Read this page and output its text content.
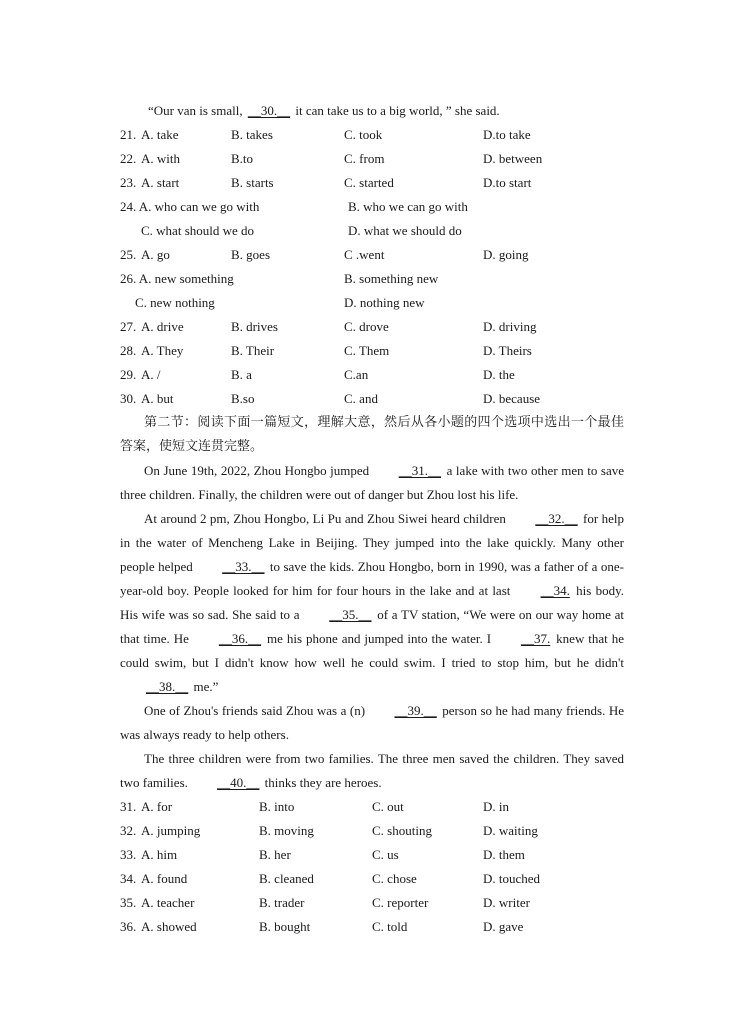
“Our van is small, __30.__ it can take us to a big world, ” she said.
21. A. take	B. takes	C. took	D.to take
22. A. with	B.to	C. from	D. between
23. A. start	B. starts	C. started	D.to start
24. A. who can we go with	B. who we can go with
C. what should we do	D. what we should do
25. A. go	B. goes	C .went	D. going
26. A. new something	B. something new
C. new nothing	D. nothing new
27. A. drive	B. drives	C. drove	D. driving
28. A. They	B. Their	C. Them	D. Theirs
29. A. /	B. a	C.an	D. the
30. A. but	B.so	C. and	D. because

第二节：阅读下面一篇短文，理解大意，然后从各小题的四个选项中选出一个最佳答案，使短文连贯完整。

On June 19th, 2022, Zhou Hongbo jumped __31.__ a lake with two other men to save three children. Finally, the children were out of danger but Zhou lost his life.

At around 2 pm, Zhou Hongbo, Li Pu and Zhou Siwei heard children __32.__ for help in the water of Mencheng Lake in Beijing. They jumped into the lake quickly. Many other people helped __33.__ to save the kids. Zhou Hongbo, born in 1990, was a father of a one-year-old boy. People looked for him for four hours in the lake and at last __34. his body. His wife was so sad. She said to a __35.__ of a TV station, “We were on our way home at that time. He __36.__ me his phone and jumped into the water. I __37. knew that he could swim, but I didn't know how well he could swim. I tried to stop him, but he didn't __38.__ me.”

One of Zhou's friends said Zhou was a (n) __39.__ person so he had many friends. He was always ready to help others.

The three children were from two families. The three men saved the children. They saved two families. __40.__ thinks they are heroes.

31. A. for	B. into	C. out	D. in
32. A. jumping	B. moving	C. shouting	D. waiting
33. A. him	B. her	C. us	D. them
34. A. found	B. cleaned	C. chose	D. touched
35. A. teacher	B. trader	C. reporter	D. writer
36. A. showed	B. bought	C. told	D. gave
